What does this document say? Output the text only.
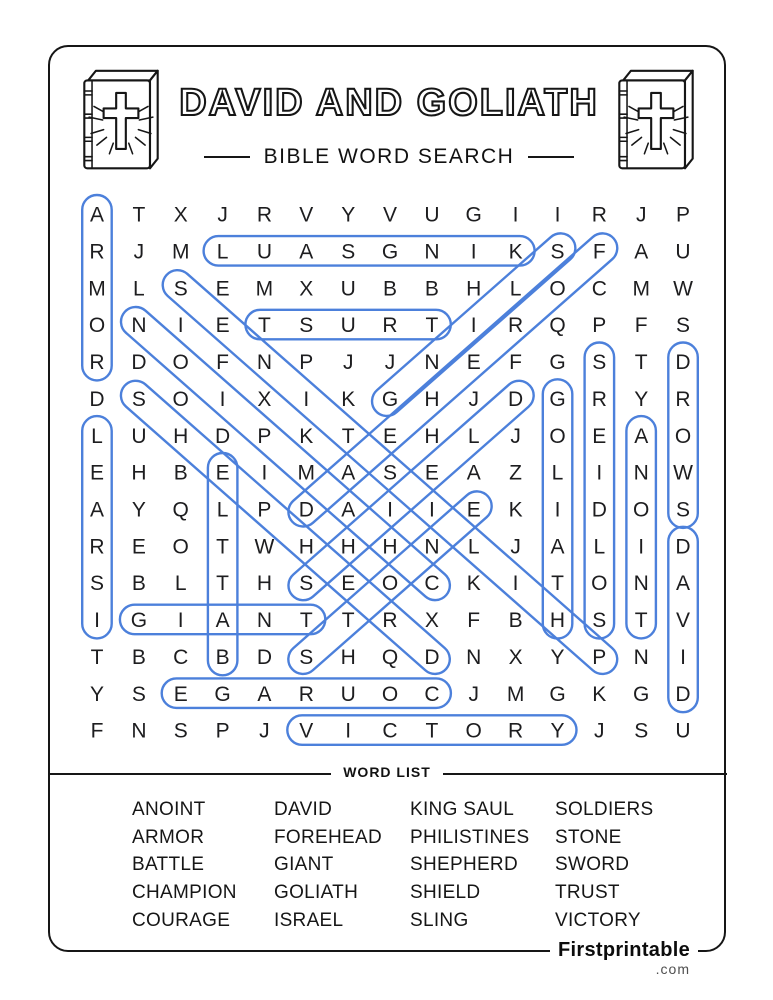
DAVID AND GOLIATH
BIBLE WORD SEARCH
A T X J R V Y V U G I I R J P
R J M L U A S G N I K S F A U
M L S E M X U B B H L O C M W
O N I E T S U R T I R Q P F S
R D O F N P J J N E F G S T D
D S O I X I K G H J D G R Y R
L U H D P K T E H L J O E A O
E H B E I M A S E A Z L I N W
A Y Q L P D A I I E K I D O S
R E O T W H H H N L J A L I D
S B L T H S E O C K I T O N A
I G I A N T T R X F B H S T V
T B C B D S H Q D N X Y P N I
Y S E G A R U O C J M G K G D
F N S P J V I C T O R Y J S U
WORD LIST
ANOINT
ARMOR
BATTLE
CHAMPION
COURAGE
DAVID
FOREHEAD
GIANT
GOLIATH
ISRAEL
KING SAUL
PHILISTINES
SHEPHERD
SHIELD
SLING
SOLDIERS
STONE
SWORD
TRUST
VICTORY
Firstprintable
.com
